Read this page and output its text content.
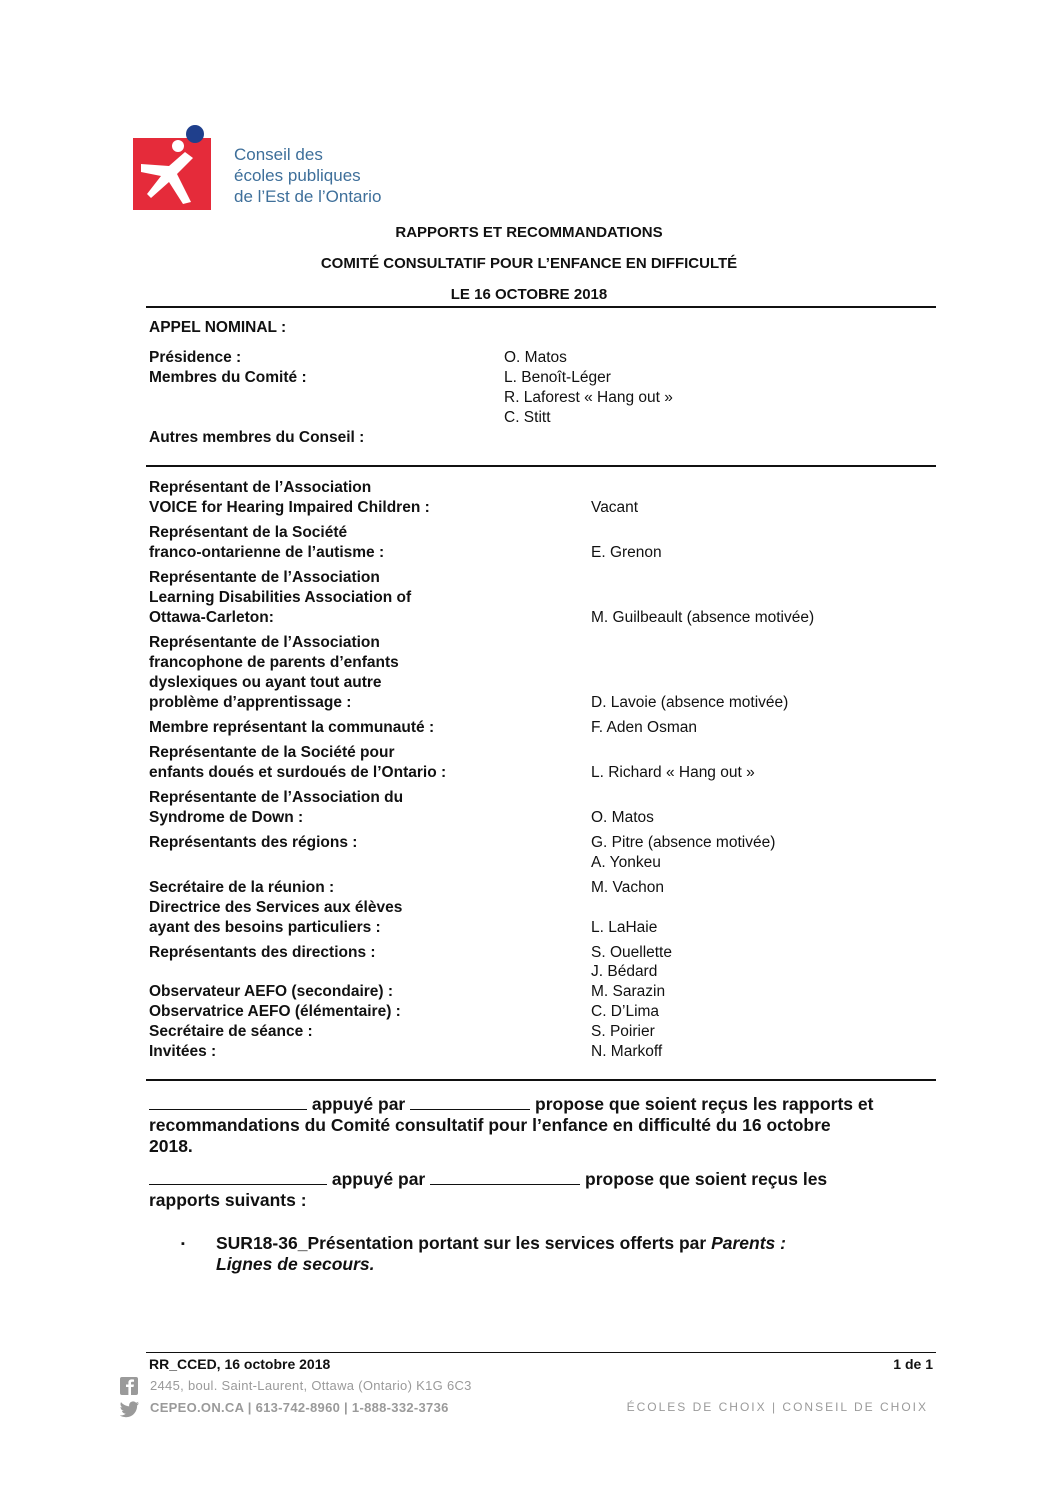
Conseil des
écoles publiques
de l’Est de l’Ontario
RAPPORTS ET RECOMMANDATIONS
COMITÉ CONSULTATIF POUR L’ENFANCE EN DIFFICULTÉ
LE 16 OCTOBRE 2018
APPEL NOMINAL :
Présidence :	O. Matos
Membres du Comité :	L. Benoît-Léger
R. Laforest « Hang out »
C. Stitt
Autres membres du Conseil :
Représentant de l’Association
VOICE for Hearing Impaired Children :	Vacant
Représentant de la Société
franco-ontarienne de l’autisme :	E. Grenon
Représentante de l’Association
Learning Disabilities Association of
Ottawa-Carleton:	M. Guilbeault (absence motivée)
Représentante de l’Association
francophone de parents d’enfants
dyslexiques ou ayant tout autre
problème d’apprentissage :	D. Lavoie (absence motivée)
Membre représentant la communauté :	F. Aden Osman
Représentante de la Société pour
enfants doués et surdoués de l’Ontario :	L. Richard « Hang out »
Représentante de l’Association du
Syndrome de Down :	O. Matos
Représentants des régions :	G. Pitre (absence motivée)
A. Yonkeu
Secrétaire de la réunion :	M. Vachon
Directrice des Services aux élèves
ayant des besoins particuliers :	L. LaHaie
Représentants des directions :	S. Ouellette
J. Bédard
Observateur AEFO (secondaire) :	M. Sarazin
Observatrice AEFO (élémentaire) :	C. D’Lima
Secrétaire de séance :	S. Poirier
Invitées :	N. Markoff
appuyé par	propose que soient reçus les rapports et
recommandations du Comité consultatif pour l’enfance en difficulté du 16 octobre
2018.
appuyé par	propose que soient reçus les
rapports suivants :
▪ SUR18-36_Présentation portant sur les services offerts par Parents :
Lignes de secours.
RR_CCED, 16 octobre 2018	1 de 1
2445, boul. Saint-Laurent, Ottawa (Ontario) K1G 6C3
CEPEO.ON.CA | 613-742-8960 | 1-888-332-3736	ÉCOLES DE CHOIX | CONSEIL DE CHOIX
